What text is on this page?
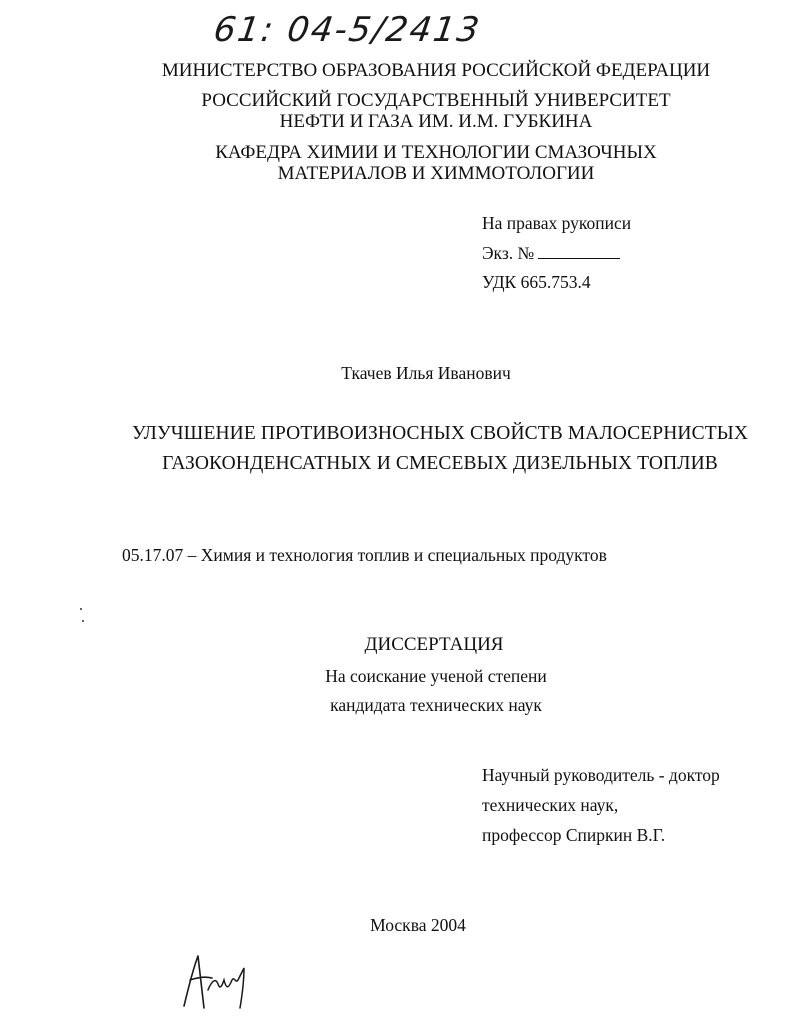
61: 04-5/2413
МИНИСТЕРСТВО ОБРАЗОВАНИЯ РОССИЙСКОЙ ФЕДЕРАЦИИ
РОССИЙСКИЙ ГОСУДАРСТВЕННЫЙ УНИВЕРСИТЕТ
НЕФТИ И ГАЗА ИМ. И.М. ГУБКИНА
КАФЕДРА ХИМИИ И ТЕХНОЛОГИИ СМАЗОЧНЫХ
МАТЕРИАЛОВ И ХИММОТОЛОГИИ
На правах рукописи
Экз. №
УДК 665.753.4
Ткачев Илья Иванович
УЛУЧШЕНИЕ ПРОТИВОИЗНОСНЫХ СВОЙСТВ МАЛОСЕРНИСТЫХ
ГАЗОКОНДЕНСАТНЫХ И СМЕСЕВЫХ ДИЗЕЛЬНЫХ ТОПЛИВ
05.17.07 – Химия и технология топлив и специальных продуктов
ДИССЕРТАЦИЯ
На соискание ученой степени
кандидата технических наук
Научный руководитель - доктор
технических наук,
профессор Спиркин В.Г.
Москва 2004
